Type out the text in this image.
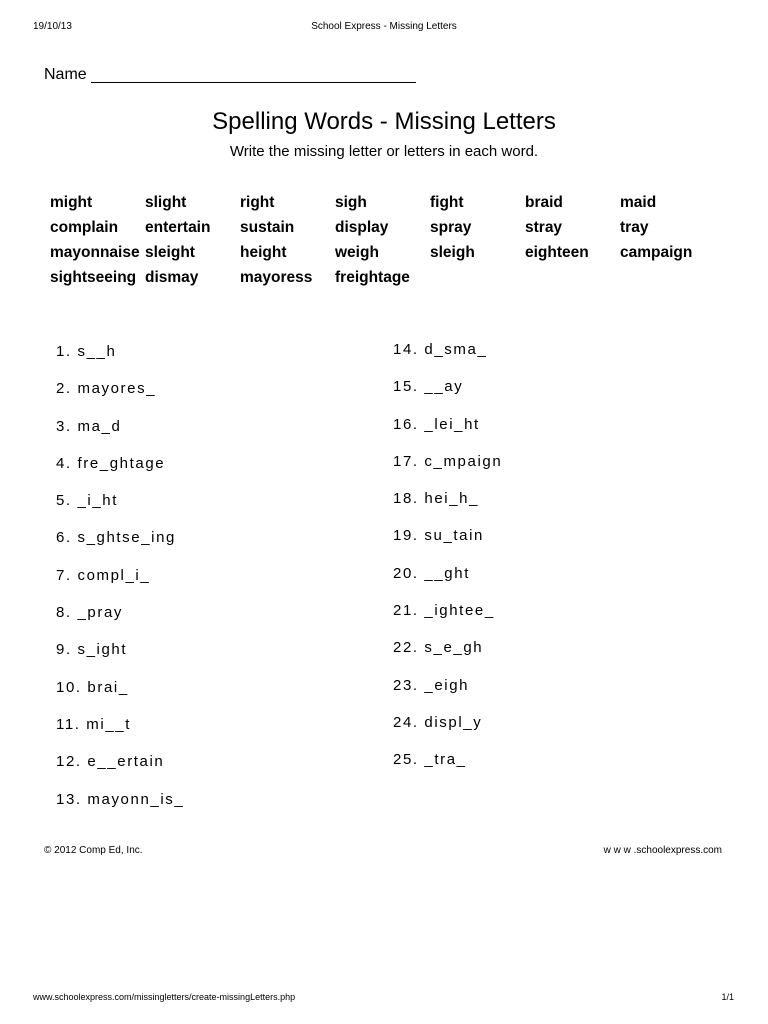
19/10/13	School Express - Missing Letters
Name
Spelling Words - Missing Letters
Write the missing letter or letters in each word.
might	slight	right	sigh	fight	braid	maid
complain	entertain	sustain	display	spray	stray	tray
mayonnaise sleight	height	weigh	sleigh	eighteen	campaign
sightseeing dismay	mayoress	freightage
1. s__h
2. mayores_
3. ma_d
4. fre_ghtage
5. _i_ht
6. s_ghtse_ing
7. compl_i_
8. _pray
9. s_ight
10. brai_
11. mi__t
12. e__ertain
13. mayonn_is_
14. d_sma_
15. __ay
16. _lei_ht
17. c_mpaign
18. hei_h_
19. su_tain
20. __ght
21. _ightee_
22. s_e_gh
23. _eigh
24. displ_y
25. _tra_
© 2012 Comp Ed, Inc.	w w w .schoolexpress.com
www.schoolexpress.com/missingletters/create-missingLetters.php	1/1
